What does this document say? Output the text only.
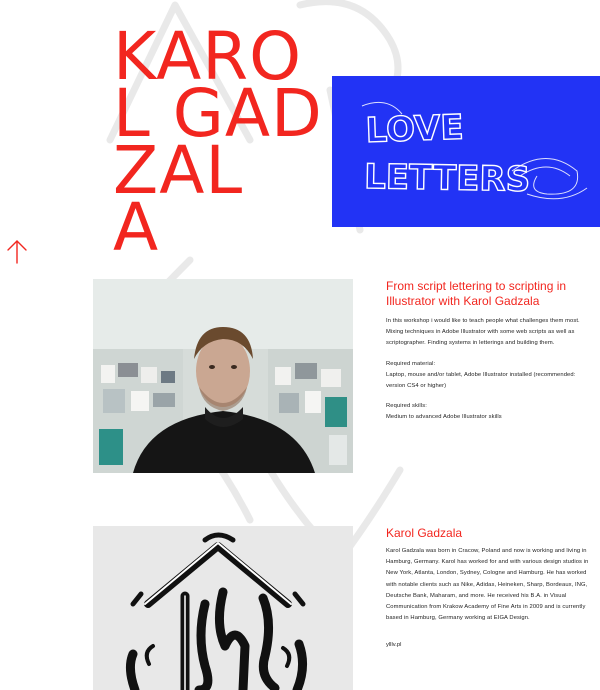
KARO
L GAD
ZAL
A
LOVE
LETTERS
From script lettering to scripting in Illustrator with Karol Gadzala

In this workshop i would like to teach people what challenges them most. Mixing techniques in Adobe Illustrator with some web scripts as well as scriptographer. Finding systems in letterings and building them.

Required material:

Laptop, mouse and/or tablet, Adobe Illustrator installed (recommended: version CS4 or higher)

Required skills:

Medium to advanced Adobe Illustrator skills

Karol Gadzala

Karol Gadzala was born in Cracow, Poland and now is working and living in Hamburg, Germany. Karol has worked for and with various design studios in New York, Atlanta, London, Sydney, Cologne and Hamburg. He has worked with notable clients such as Nike, Adidas, Heineken, Sharp, Bordeaux, ING, Deutsche Bank, Maharam, and more. He received his B.A. in Visual Communication from Krakow Academy of Fine Arts in 2009 and is currently based in Hamburg, Germany working at EIGA Design.

ylllv.pl
